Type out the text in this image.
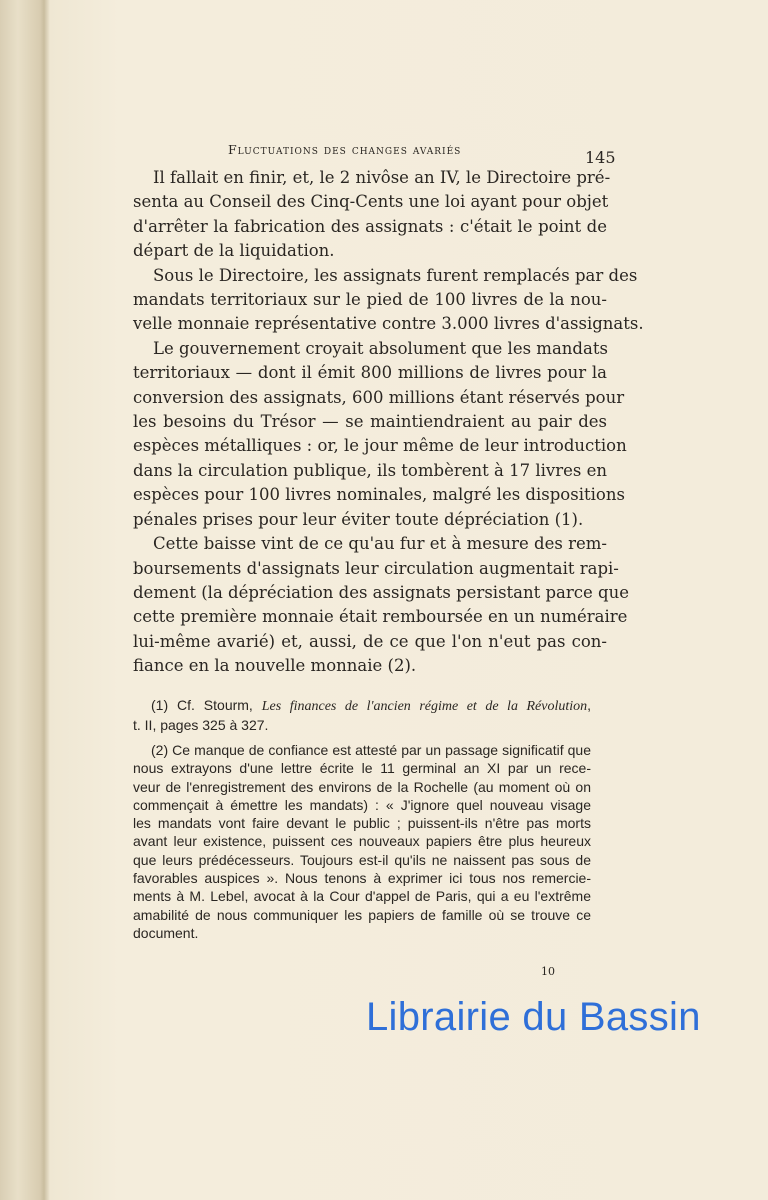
Fluctuations des changes avariés	145
Il fallait en finir, et, le 2 nivôse an IV, le Directoire pré-
senta au Conseil des Cinq-Cents une loi ayant pour objet
d'arrêter la fabrication des assignats : c'était le point de
départ de la liquidation.
Sous le Directoire, les assignats furent remplacés par des
mandats territoriaux sur le pied de 100 livres de la nou-
velle monnaie représentative contre 3.000 livres d'assignats.
Le gouvernement croyait absolument que les mandats
territoriaux — dont il émit 800 millions de livres pour la
conversion des assignats, 600 millions étant réservés pour
les besoins du Trésor — se maintiendraient au pair des
espèces métalliques : or, le jour même de leur introduction
dans la circulation publique, ils tombèrent à 17 livres en
espèces pour 100 livres nominales, malgré les dispositions
pénales prises pour leur éviter toute dépréciation (1).
Cette baisse vint de ce qu'au fur et à mesure des rem-
boursements d'assignats leur circulation augmentait rapi-
dement (la dépréciation des assignats persistant parce que
cette première monnaie était remboursée en un numéraire
lui-même avarié) et, aussi, de ce que l'on n'eut pas con-
fiance en la nouvelle monnaie (2).
(1) Cf. Stourm, Les finances de l'ancien régime et de la Révolution,
t. II, pages 325 à 327.
(2) Ce manque de confiance est attesté par un passage significatif que
nous extrayons d'une lettre écrite le 11 germinal an XI par un rece-
veur de l'enregistrement des environs de la Rochelle (au moment où on
commençait à émettre les mandats) : « J'ignore quel nouveau visage
les mandats vont faire devant le public ; puissent-ils n'être pas morts
avant leur existence, puissent ces nouveaux papiers être plus heureux
que leurs prédécesseurs. Toujours est-il qu'ils ne naissent pas sous de
favorables auspices ». Nous tenons à exprimer ici tous nos remercie-
ments à M. Lebel, avocat à la Cour d'appel de Paris, qui a eu l'extrême
amabilité de nous communiquer les papiers de famille où se trouve ce
document.
10
Librairie du Bassin
